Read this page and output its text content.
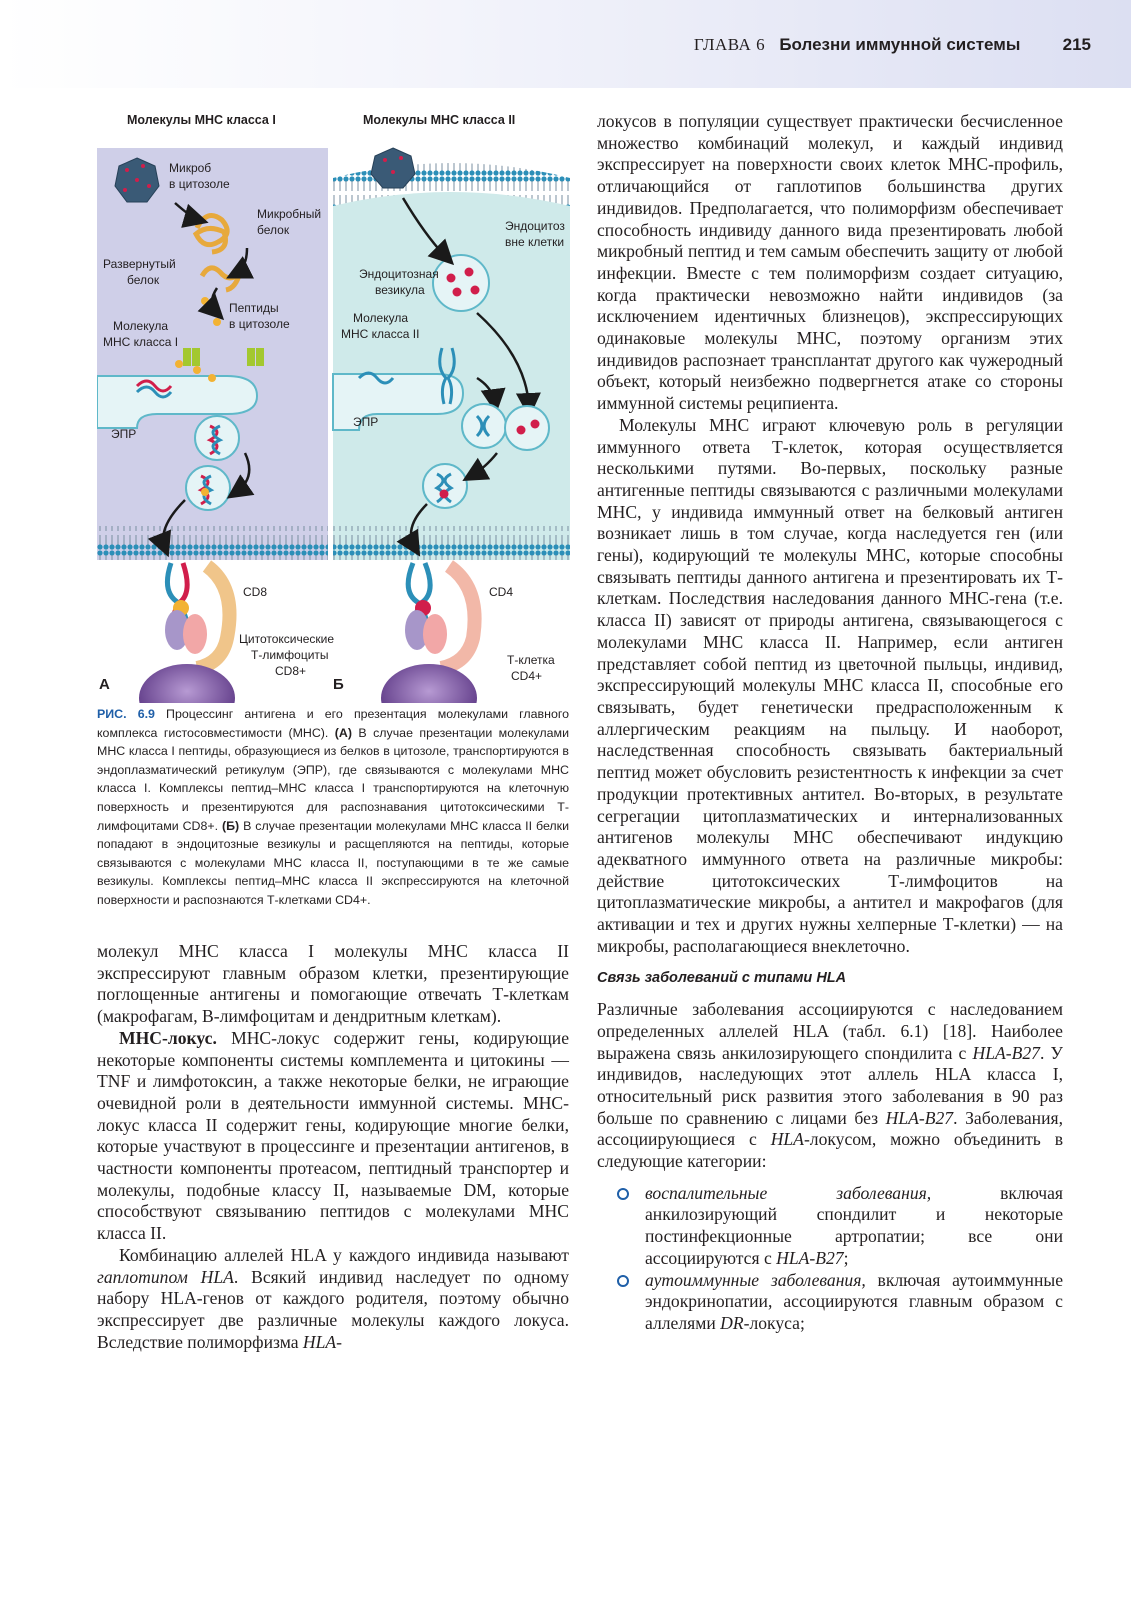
ГЛАВА 6 Болезни иммунной системы 215
Молекулы МНС класса I	Молекулы МНС класса II
Микроб
в цитозоле
Микробный
белок
Развернутый
белок
Пептиды
в цитозоле
Молекула
МНС класса I
ЭПР
CD8
Цитотоксические
Т-лимфоциты
CD8+
Эндоцитоз
вне клетки
Эндоцитозная
везикула
Молекула
МНС класса II
ЭПР
CD4
Т-клетка
CD4+
А	Б
РИС. 6.9 Процессинг антигена и его презентация молекулами главного комплекса гистосовместимости (МНС). (А) В случае презентации молекулами МНС класса I пептиды, образующиеся из белков в цитозоле, транспортируются в эндоплазматический ретикулум (ЭПР), где связываются с молекулами МНС класса I. Комплексы пептид–МНС класса I транспортируются на клеточную поверхность и презентируются для распознавания цитотоксическими Т-лимфоцитами CD8+. (Б) В случае презентации молекулами МНС класса II белки попадают в эндоцитозные везикулы и расщепляются на пептиды, которые связываются с молекулами МНС класса II, поступающими в те же самые везикулы. Комплексы пептид–МНС класса II экспрессируются на клеточной поверхности и распознаются Т-клетками CD4+.

молекул МНС класса I молекулы МНС класса II экспрессируют главным образом клетки, презентирующие поглощенные антигены и помогающие отвечать Т-клеткам (макрофагам, В-лимфоцитам и дендритным клеткам).

МНС-локус. МНС-локус содержит гены, кодирующие некоторые компоненты системы комплемента и цитокины — TNF и лимфотоксин, а также некоторые белки, не играющие очевидной роли в деятельности иммунной системы. МНС-локус класса II содержит гены, кодирующие многие белки, которые участвуют в процессинге и презентации антигенов, в частности компоненты протеасом, пептидный транспортер и молекулы, подобные классу II, называемые DM, которые способствуют связыванию пептидов с молекулами МНС класса II.

Комбинацию аллелей HLA у каждого индивида называют гаплотипом HLA. Всякий индивид наследует по одному набору HLA-генов от каждого родителя, поэтому обычно экспрессирует две различные молекулы каждого локуса. Вследствие полиморфизма HLA-

локусов в популяции существует практически бесчисленное множество комбинаций молекул, и каждый индивид экспрессирует на поверхности своих клеток МНС-профиль, отличающийся от гаплотипов большинства других индивидов. Предполагается, что полиморфизм обеспечивает способность индивиду данного вида презентировать любой микробный пептид и тем самым обеспечить защиту от любой инфекции. Вместе с тем полиморфизм создает ситуацию, когда практически невозможно найти индивидов (за исключением идентичных близнецов), экспрессирующих одинаковые молекулы МНС, поэтому организм этих индивидов распознает трансплантат другого как чужеродный объект, который неизбежно подвергнется атаке со стороны иммунной системы реципиента.

Молекулы МНС играют ключевую роль в регуляции иммунного ответа Т-клеток, которая осуществляется несколькими путями. Во-первых, поскольку разные антигенные пептиды связываются с различными молекулами МНС, у индивида иммунный ответ на белковый антиген возникает лишь в том случае, когда наследуется ген (или гены), кодирующий те молекулы МНС, которые способны связывать пептиды данного антигена и презентировать их Т-клеткам. Последствия наследования данного МНС-гена (т.е. класса II) зависят от природы антигена, связывающегося с молекулами МНС класса II. Например, если антиген представляет собой пептид из цветочной пыльцы, индивид, экспрессирующий молекулы МНС класса II, способные его связывать, будет генетически предрасположенным к аллергическим реакциям на пыльцу. И наоборот, наследственная способность связывать бактериальный пептид может обусловить резистентность к инфекции за счет продукции протективных антител. Во-вторых, в результате сегрегации цитоплазматических и интернализованных антигенов молекулы МНС обеспечивают индукцию адекватного иммунного ответа на различные микробы: действие цитотоксических Т-лимфоцитов на цитоплазматические микробы, а антител и макрофагов (для активации и тех и других нужны хелперные Т-клетки) — на микробы, располагающиеся внеклеточно.

Связь заболеваний с типами HLA

Различные заболевания ассоциируются с наследованием определенных аллелей HLA (табл. 6.1) [18]. Наиболее выражена связь анкилозирующего спондилита с HLA-B27. У индивидов, наследующих этот аллель HLA класса I, относительный риск развития этого заболевания в 90 раз больше по сравнению с лицами без HLA-B27. Заболевания, ассоциирующиеся с HLA-локусом, можно объединить в следующие категории:

воспалительные заболевания, включая анкилозирующий спондилит и некоторые постинфекционные артропатии; все они ассоциируются с HLA-B27;
аутоиммунные заболевания, включая аутоиммунные эндокринопатии, ассоциируются главным образом с аллелями DR-локуса;
